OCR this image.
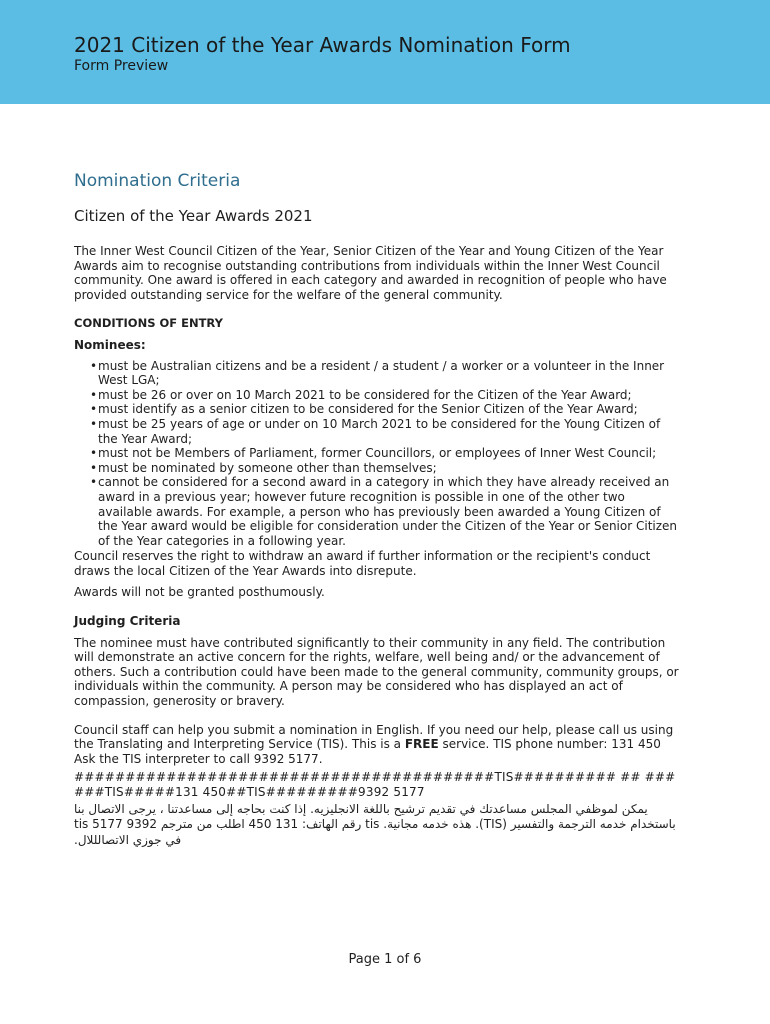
2021 Citizen of the Year Awards Nomination Form
Form Preview
Nomination Criteria
Citizen of the Year Awards 2021

The Inner West Council Citizen of the Year, Senior Citizen of the Year and Young Citizen of the Year Awards aim to recognise outstanding contributions from individuals within the Inner West Council community. One award is offered in each category and awarded in recognition of people who have provided outstanding service for the welfare of the general community.

CONDITIONS OF ENTRY
Nominees:
• must be Australian citizens and be a resident / a student / a worker or a volunteer in the Inner West LGA;
• must be 26 or over on 10 March 2021 to be considered for the Citizen of the Year Award;
• must identify as a senior citizen to be considered for the Senior Citizen of the Year Award;
• must be 25 years of age or under on 10 March 2021 to be considered for the Young Citizen of the Year Award;
• must not be Members of Parliament, former Councillors, or employees of Inner West Council;
• must be nominated by someone other than themselves;
• cannot be considered for a second award in a category in which they have already received an award in a previous year; however future recognition is possible in one of the other two available awards. For example, a person who has previously been awarded a Young Citizen of the Year award would be eligible for consideration under the Citizen of the Year or Senior Citizen of the Year categories in a following year.

Council reserves the right to withdraw an award if further information or the recipient's conduct draws the local Citizen of the Year Awards into disrepute.

Awards will not be granted posthumously.

Judging Criteria

The nominee must have contributed significantly to their community in any field. The contribution will demonstrate an active concern for the rights, welfare, well being and/ or the advancement of others. Such a contribution could have been made to the general community, community groups, or individuals within the community. A person may be considered who has displayed an act of compassion, generosity or bravery.

Council staff can help you submit a nomination in English. If you need our help, please call us using the Translating and Interpreting Service (TIS). This is a FREE service. TIS phone number: 131 450 Ask the TIS interpreter to call 9392 5177.

#########################################TIS########## ## ### ###TIS#####131 450##TIS#########9392 5177

يمكن لموظفي المجلس مساعدتك في تقديم ترشيح باللغة الانجليزيه. إذا كنت بحاجه إلى مساعدتنا ، يرجى الاتصال بنا باستخدام خدمه الترجمة والتفسير (TIS). هذه خدمه مجانية. tis رقم الهاتف: 131 450 اطلب من مترجم tis 5177 9392 في جوزي الاتصالللال.

Page 1 of 6
